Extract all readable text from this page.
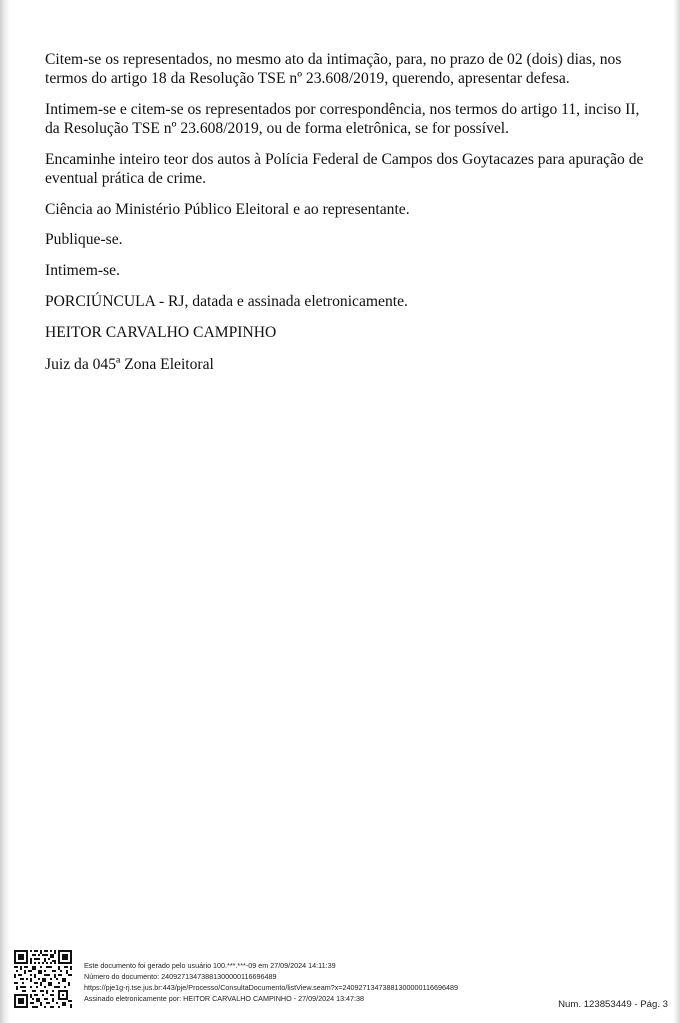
Citem-se os representados, no mesmo ato da intimação, para, no prazo de 02 (dois) dias, nos termos do artigo 18 da Resolução TSE nº 23.608/2019, querendo, apresentar defesa.

Intimem-se e citem-se os representados por correspondência, nos termos do artigo 11, inciso II, da Resolução TSE nº 23.608/2019, ou de forma eletrônica, se for possível.

Encaminhe inteiro teor dos autos à Polícia Federal de Campos dos Goytacazes para apuração de eventual prática de crime.

Ciência ao Ministério Público Eleitoral e ao representante.

Publique-se.

Intimem-se.

PORCIÚNCULA - RJ, datada e assinada eletronicamente.

HEITOR CARVALHO CAMPINHO

Juiz da 045ª Zona Eleitoral

Este documento foi gerado pelo usuário 100.***.***-09 em 27/09/2024 14:11:39
Número do documento: 24092713473881300000116696489
https://pje1g-rj.tse.jus.br:443/pje/Processo/ConsultaDocumento/listView.seam?x=24092713473881300000116696489
Assinado eletronicamente por: HEITOR CARVALHO CAMPINHO - 27/09/2024 13:47:38
Num. 123853449 - Pág. 3
